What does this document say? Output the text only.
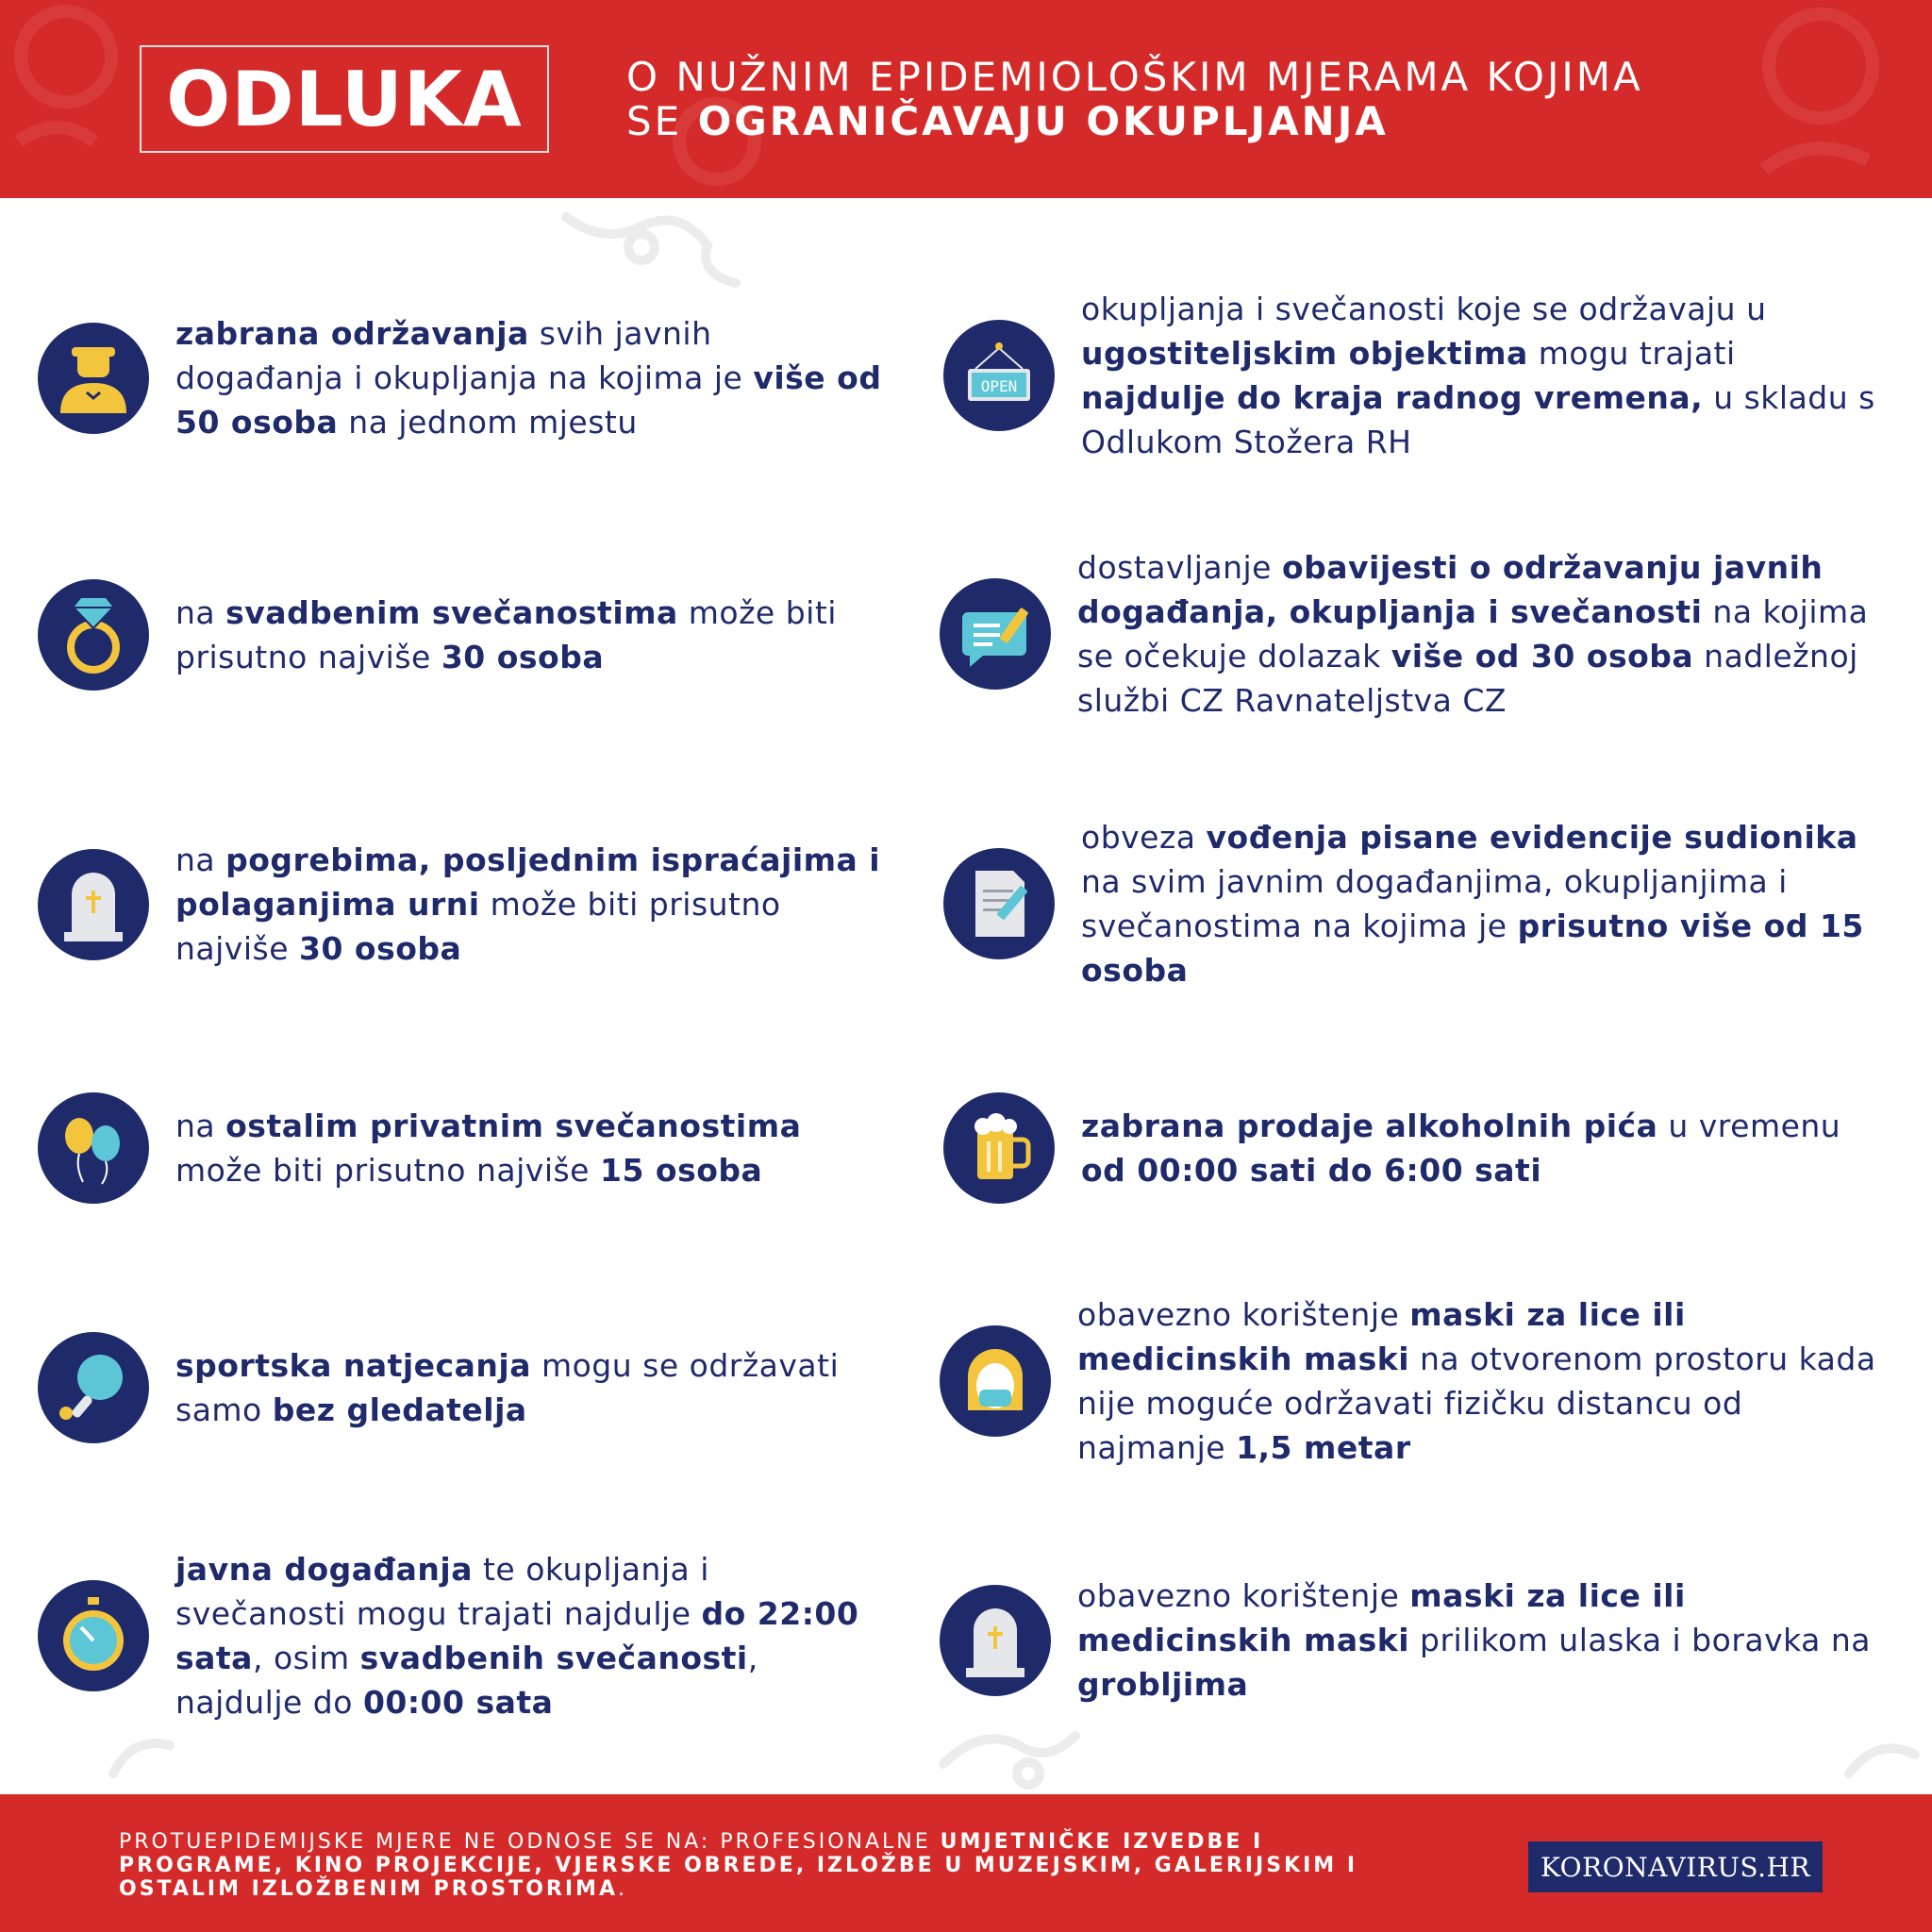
ODLUKA	O NUŽNIM EPIDEMIOLOŠKIM MJERAMA KOJIMA
SE OGRANIČAVAJU OKUPLJANJA
zabrana održavanja svih javnih događanja i okupljanja na kojima je više od 50 osoba na jednom mjestu
na svadbenim svečanostima može biti prisutno najviše 30 osoba
na pogrebima, posljednim ispraćajima i polaganjima urni može biti prisutno najviše 30 osoba
na ostalim privatnim svečanostima može biti prisutno najviše 15 osoba
sportska natjecanja mogu se održavati samo bez gledatelja
javna događanja te okupljanja i svečanosti mogu trajati najdulje do 22:00 sata, osim svadbenih svečanosti, najdulje do 00:00 sata
OPEN
okupljanja i svečanosti koje se održavaju u ugostiteljskim objektima mogu trajati najdulje do kraja radnog vremena, u skladu s Odlukom Stožera RH
dostavljanje obavijesti o održavanju javnih događanja, okupljanja i svečanosti na kojima se očekuje dolazak više od 30 osoba nadležnoj službi CZ Ravnateljstva CZ
obveza vođenja pisane evidencije sudionika na svim javnim događanjima, okupljanjima i svečanostima na kojima je prisutno više od 15 osoba
zabrana prodaje alkoholnih pića u vremenu od 00:00 sati do 6:00 sati
obavezno korištenje maski za lice ili medicinskih maski na otvorenom prostoru kada nije moguće održavati fizičku distancu od najmanje 1,5 metar
obavezno korištenje maski za lice ili medicinskih maski prilikom ulaska i boravka na grobljima
PROTUEPIDEMIJSKE MJERE NE ODNOSE SE NA: PROFESIONALNE UMJETNIČKE IZVEDBE I PROGRAME, KINO PROJEKCIJE, VJERSKE OBREDE, IZLOŽBE U MUZEJSKIM, GALERIJSKIM I OSTALIM IZLOŽBENIM PROSTORIMA.
KORONAVIRUS.HR
